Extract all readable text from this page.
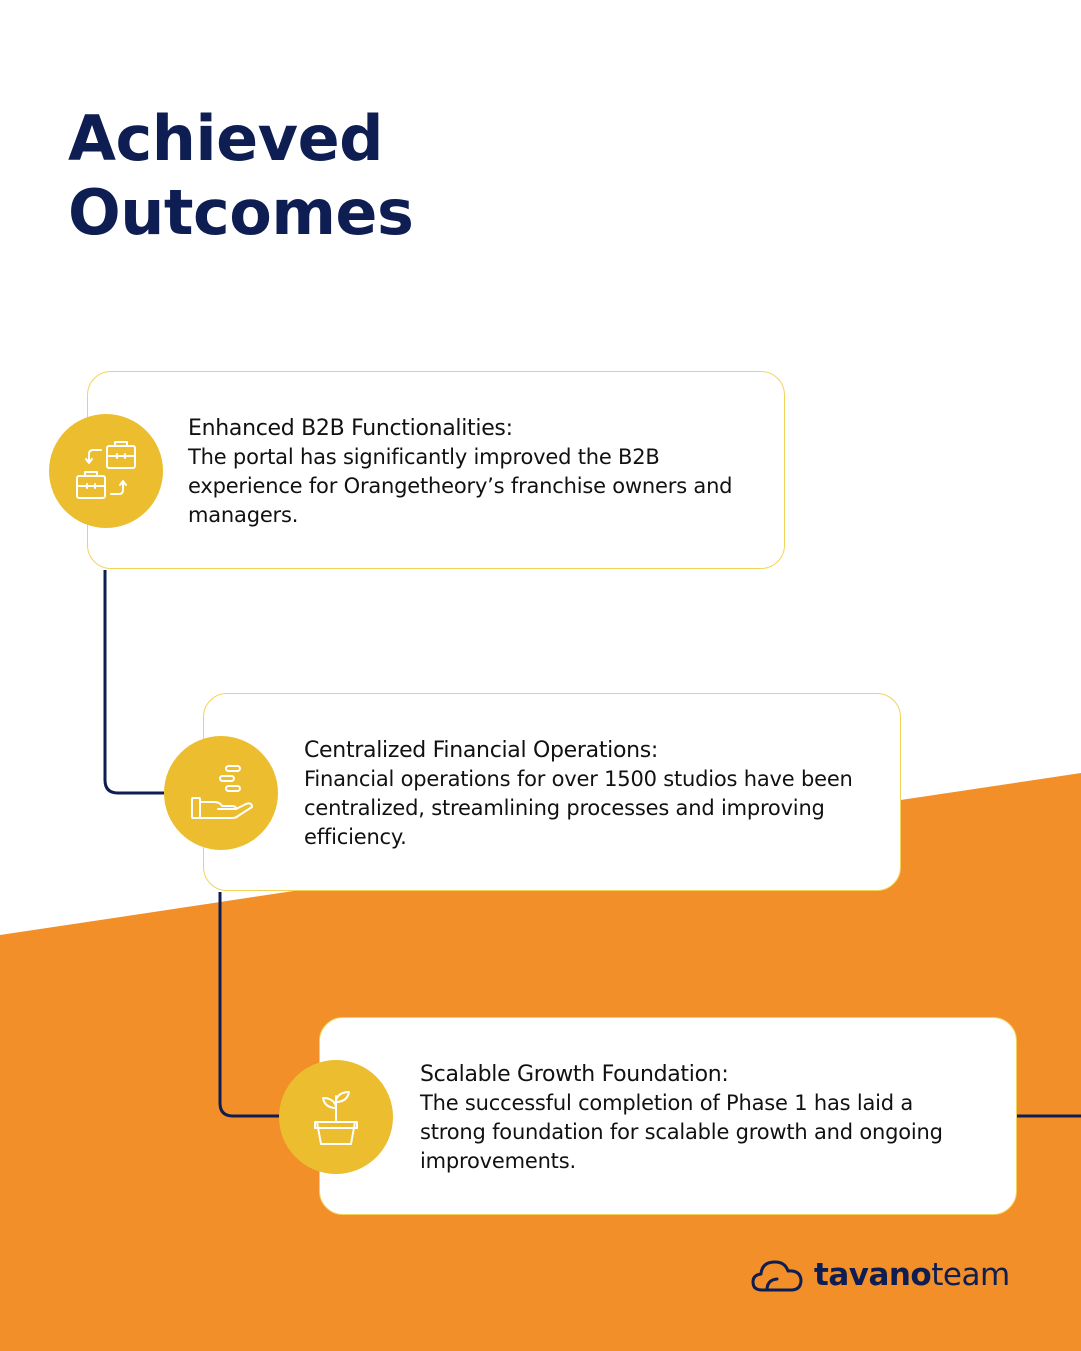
Achieved
Outcomes

Enhanced B2B Functionalities:

The portal has significantly improved the B2B experience for Orangetheory’s franchise owners and managers.

Centralized Financial Operations:

Financial operations for over 1500 studios have been centralized, streamlining processes and improving efficiency.

Scalable Growth Foundation:

The successful completion of Phase 1 has laid a strong foundation for scalable growth and ongoing improvements.

tavanoteam
